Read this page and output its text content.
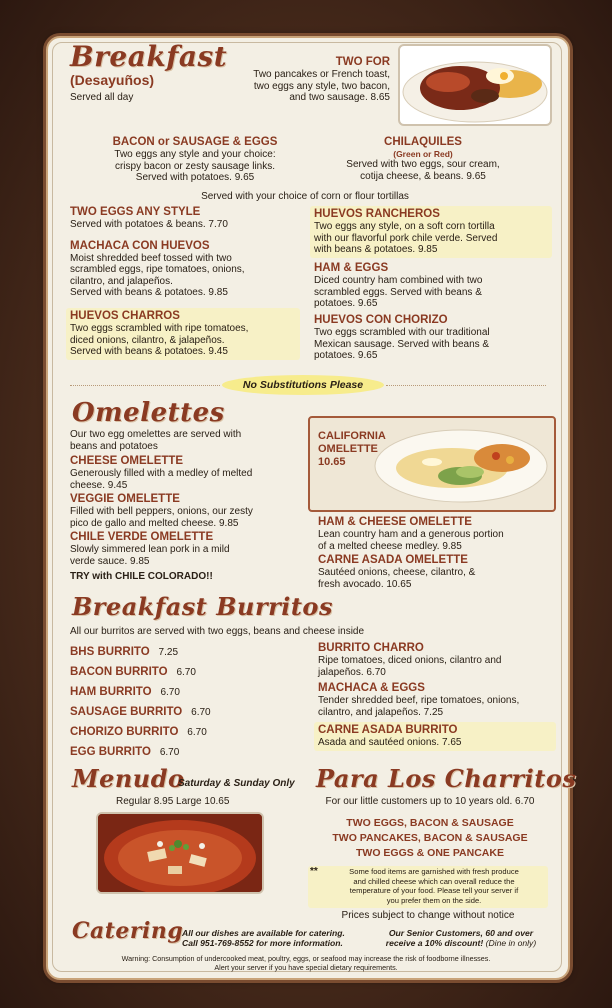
Breakfast
(Desayuños)
Served all day
TWO FOR
Two pancakes or French toast,
two eggs any style, two bacon,
and two sausage. 8.65
BACON or SAUSAGE & EGGS
Two eggs any style and your choice:
crispy bacon or zesty sausage links.
Served with potatoes. 9.65
CHILAQUILES
(Green or Red)
Served with two eggs, sour cream,
cotija cheese, & beans. 9.65
Served with your choice of corn or flour tortillas
TWO EGGS ANY STYLE
Served with potatoes & beans. 7.70
MACHACA CON HUEVOS
Moist shredded beef tossed with two
scrambled eggs, ripe tomatoes, onions,
cilantro, and jalapeños.
Served with beans & potatoes. 9.85
HUEVOS CHARROS
Two eggs scrambled with ripe tomatoes,
diced onions, cilantro, & jalapeños.
Served with beans & potatoes. 9.45
HUEVOS RANCHEROS
Two eggs any style, on a soft corn tortilla
with our flavorful pork chile verde. Served
with beans & potatoes. 9.85
HAM & EGGS
Diced country ham combined with two
scrambled eggs. Served with beans &
potatoes. 9.65
HUEVOS CON CHORIZO
Two eggs scrambled with our traditional
Mexican sausage. Served with beans &
potatoes. 9.65
No Substitutions Please
Omelettes
Our two egg omelettes are served with
beans and potatoes
CHEESE OMELETTE
Generously filled with a medley of melted
cheese. 9.45
VEGGIE OMELETTE
Filled with bell peppers, onions, our zesty
pico de gallo and melted cheese. 9.85
CHILE VERDE OMELETTE
Slowly simmered lean pork in a mild
verde sauce. 9.85
TRY with CHILE COLORADO!!
CALIFORNIA
OMELETTE
10.65
HAM & CHEESE OMELETTE
Lean country ham and a generous portion
of a melted cheese medley. 9.85
CARNE ASADA OMELETTE
Sautéed onions, cheese, cilantro, &
fresh avocado. 10.65
Breakfast Burritos
All our burritos are served with two eggs, beans and cheese inside
BHS BURRITO 7.25
BACON BURRITO 6.70
HAM BURRITO 6.70
SAUSAGE BURRITO 6.70
CHORIZO BURRITO 6.70
EGG BURRITO 6.70
BURRITO CHARRO
Ripe tomatoes, diced onions, cilantro and
jalapeños. 6.70
MACHACA & EGGS
Tender shredded beef, ripe tomatoes, onions,
cilantro, and jalapeños. 7.25
CARNE ASADA BURRITO
Asada and sautéed onions. 7.65
Menudo
Saturday & Sunday Only
Regular 8.95 Large 10.65
Para Los Charritos
For our little customers up to 10 years old. 6.70
TWO EGGS, BACON & SAUSAGE
TWO PANCAKES, BACON & SAUSAGE
TWO EGGS & ONE PANCAKE
**	Some food items are garnished with fresh produce
and chilled cheese which can overall reduce the
temperature of your food. Please tell your server if
you prefer them on the side.
Prices subject to change without notice
Catering
All our dishes are available for catering.
Call 951-769-8552 for more information.
Our Senior Customers, 60 and over
receive a 10% discount! (Dine in only)
Warning: Consumption of undercooked meat, poultry, eggs, or seafood may increase the risk of foodborne illnesses.
Alert your server if you have special dietary requirements.
